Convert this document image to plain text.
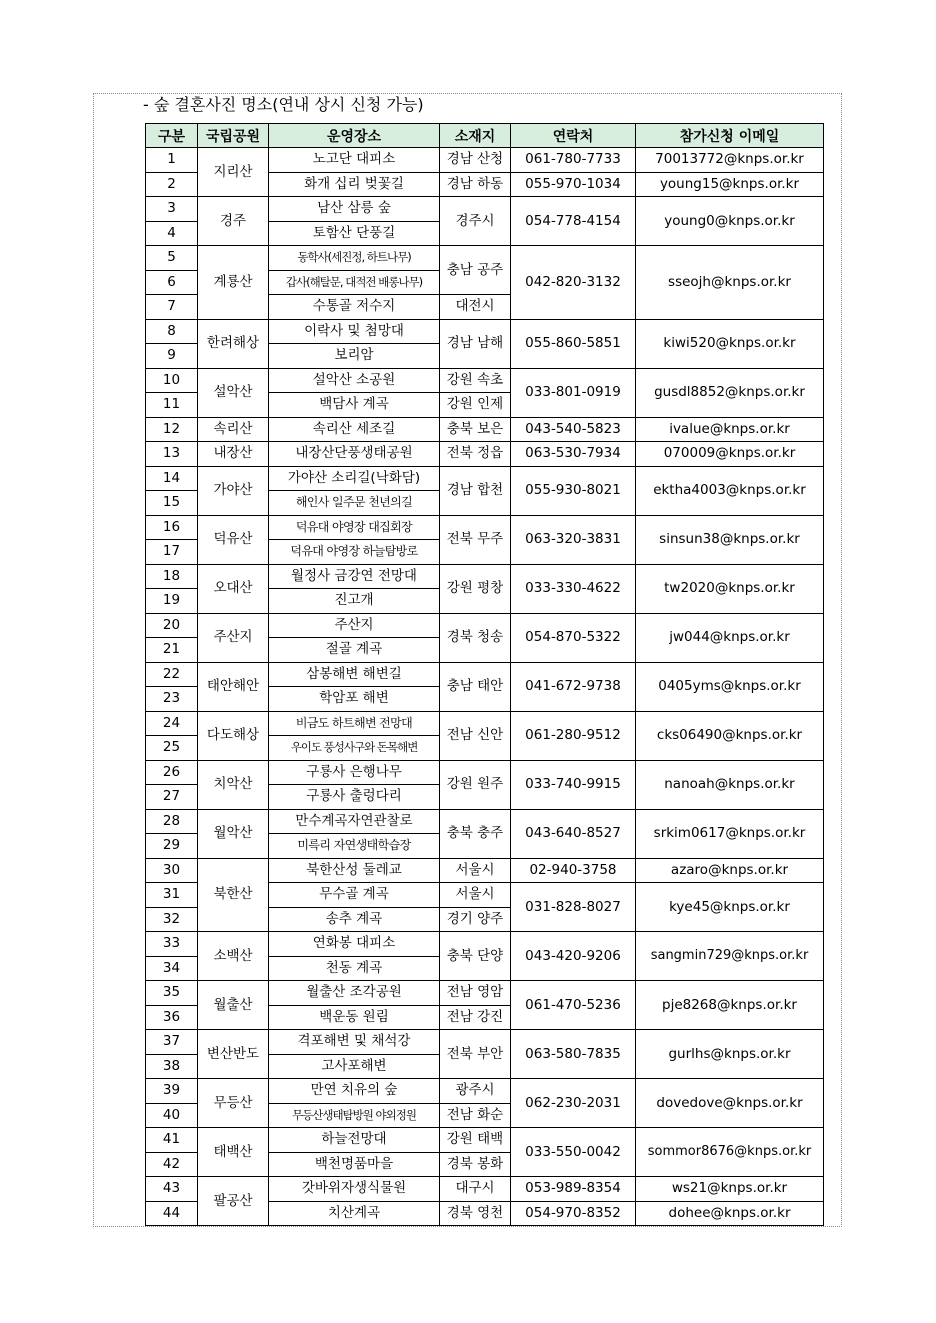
- 숲 결혼사진 명소(연내 상시 신청 가능)
구분	국립공원	운영장소	소재지	연락처	참가신청 이메일
1	지리산	노고단 대피소	경남 산청	061-780-7733	70013772@knps.or.kr
2		화개 십리 벚꽃길	경남 하동	055-970-1034	young15@knps.or.kr
3	경주	남산 삼릉 숲	경주시	054-778-4154	young0@knps.or.kr
4		토함산 단풍길			
5	계룡산	동학사(세진정, 하트나무)	충남 공주	042-820-3132	sseojh@knps.or.kr
6		갑사(해탈문, 대적전 배롱나무)			
7		수통골 저수지	대전시		
8	한려해상	이락사 및 첨망대	경남 남해	055-860-5851	kiwi520@knps.or.kr
9		보리암			
10	설악산	설악산 소공원	강원 속초	033-801-0919	gusdl8852@knps.or.kr
11		백담사 계곡	강원 인제		
12	속리산	속리산 세조길	충북 보은	043-540-5823	ivalue@knps.or.kr
13	내장산	내장산단풍생태공원	전북 정읍	063-530-7934	070009@knps.or.kr
14	가야산	가야산 소리길(낙화담)	경남 합천	055-930-8021	ektha4003@knps.or.kr
15		해인사 일주문 천년의길			
16	덕유산	덕유대 야영장 대집회장	전북 무주	063-320-3831	sinsun38@knps.or.kr
17		덕유대 야영장 하늘탐방로			
18	오대산	월정사 금강연 전망대	강원 평창	033-330-4622	tw2020@knps.or.kr
19		진고개			
20	주산지	주산지	경북 청송	054-870-5322	jw044@knps.or.kr
21		절골 계곡			
22	태안해안	삼봉해변 해변길	충남 태안	041-672-9738	0405yms@knps.or.kr
23		학암포 해변			
24	다도해상	비금도 하트해변 전망대	전남 신안	061-280-9512	cks06490@knps.or.kr
25		우이도 풍성사구와 돈목해변			
26	치악산	구룡사 은행나무	강원 원주	033-740-9915	nanoah@knps.or.kr
27		구룡사 출렁다리			
28	월악산	만수계곡자연관찰로	충북 충주	043-640-8527	srkim0617@knps.or.kr
29		미륵리 자연생태학습장			
30	북한산	북한산성 둘레교	서울시	02-940-3758	azaro@knps.or.kr
31		무수골 계곡	서울시	031-828-8027	kye45@knps.or.kr
32		송추 계곡	경기 양주		
33	소백산	연화봉 대피소	충북 단양	043-420-9206	sangmin729@knps.or.kr
34		천동 계곡			
35	월출산	월출산 조각공원	전남 영암	061-470-5236	pje8268@knps.or.kr
36		백운동 원림	전남 강진		
37	변산반도	격포해변 및 채석강	전북 부안	063-580-7835	gurlhs@knps.or.kr
38		고사포해변			
39	무등산	만연 치유의 숲	광주시	062-230-2031	dovedove@knps.or.kr
40		무등산생태탐방원 야외정원	전남 화순		
41	태백산	하늘전망대	강원 태백	033-550-0042	sommor8676@knps.or.kr
42		백천명품마을	경북 봉화		
43	팔공산	갓바위자생식물원	대구시	053-989-8354	ws21@knps.or.kr
44		치산계곡	경북 영천	054-970-8352	dohee@knps.or.kr
